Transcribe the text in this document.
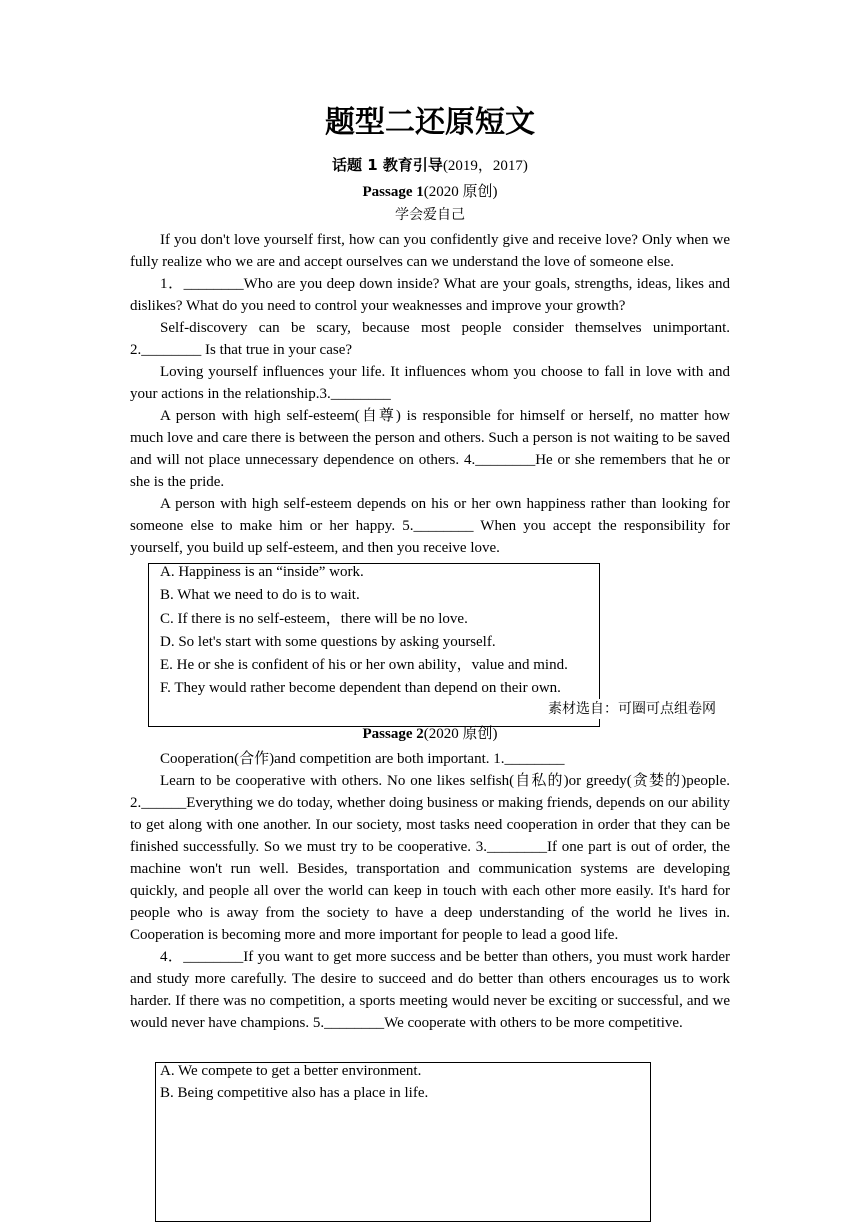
题型二还原短文
话题 1 教育引导(2019，2017)
Passage 1(2020 原创)
学会爱自己

If you don't love yourself first, how can you confidently give and receive love? Only when we fully realize who we are and accept ourselves can we understand the love of someone else.

1．________Who are you deep down inside? What are your goals, strengths, ideas, likes and dislikes? What do you need to control your weaknesses and improve your growth?

Self-discovery can be scary, because most people consider themselves unimportant. 2.________ Is that true in your case?

Loving yourself influences your life. It influences whom you choose to fall in love with and your actions in the relationship.3.________

A person with high self-esteem(自尊) is responsible for himself or herself, no matter how much love and care there is between the person and others. Such a person is not waiting to be saved and will not place unnecessary dependence on others. 4.________He or she remembers that he or she is the pride.

A person with high self-esteem depends on his or her own happiness rather than looking for someone else to make him or her happy. 5.________ When you accept the responsibility for yourself, you build up self-esteem, and then you receive love.

A. Happiness is an “inside” work.
B. What we need to do is to wait.
C. If there is no self-esteem，there will be no love.
D. So let's start with some questions by asking yourself.
E. He or she is confident of his or her own ability，value and mind.
F. They would rather become dependent than depend on their own.
素材选自：可圈可点组卷网
Passage 2(2020 原创)

Cooperation(合作)and competition are both important. 1.________

Learn to be cooperative with others. No one likes selfish(自私的)or greedy(贪婪的)people. 2.______Everything we do today, whether doing business or making friends, depends on our ability to get along with one another. In our society, most tasks need cooperation in order that they can be finished successfully. So we must try to be cooperative. 3.________If one part is out of order, the machine won't run well. Besides, transportation and communication systems are developing quickly, and people all over the world can keep in touch with each other more easily. It's hard for people who is away from the society to have a deep understanding of the world he lives in. Cooperation is becoming more and more important for people to lead a good life.

4．________If you want to get more success and be better than others, you must work harder and study more carefully. The desire to succeed and do better than others encourages us to work harder. If there was no competition, a sports meeting would never be exciting or successful, and we would never have champions. 5.________We cooperate with others to be more competitive.

A. We compete to get a better environment.
B. Being competitive also has a place in life.
